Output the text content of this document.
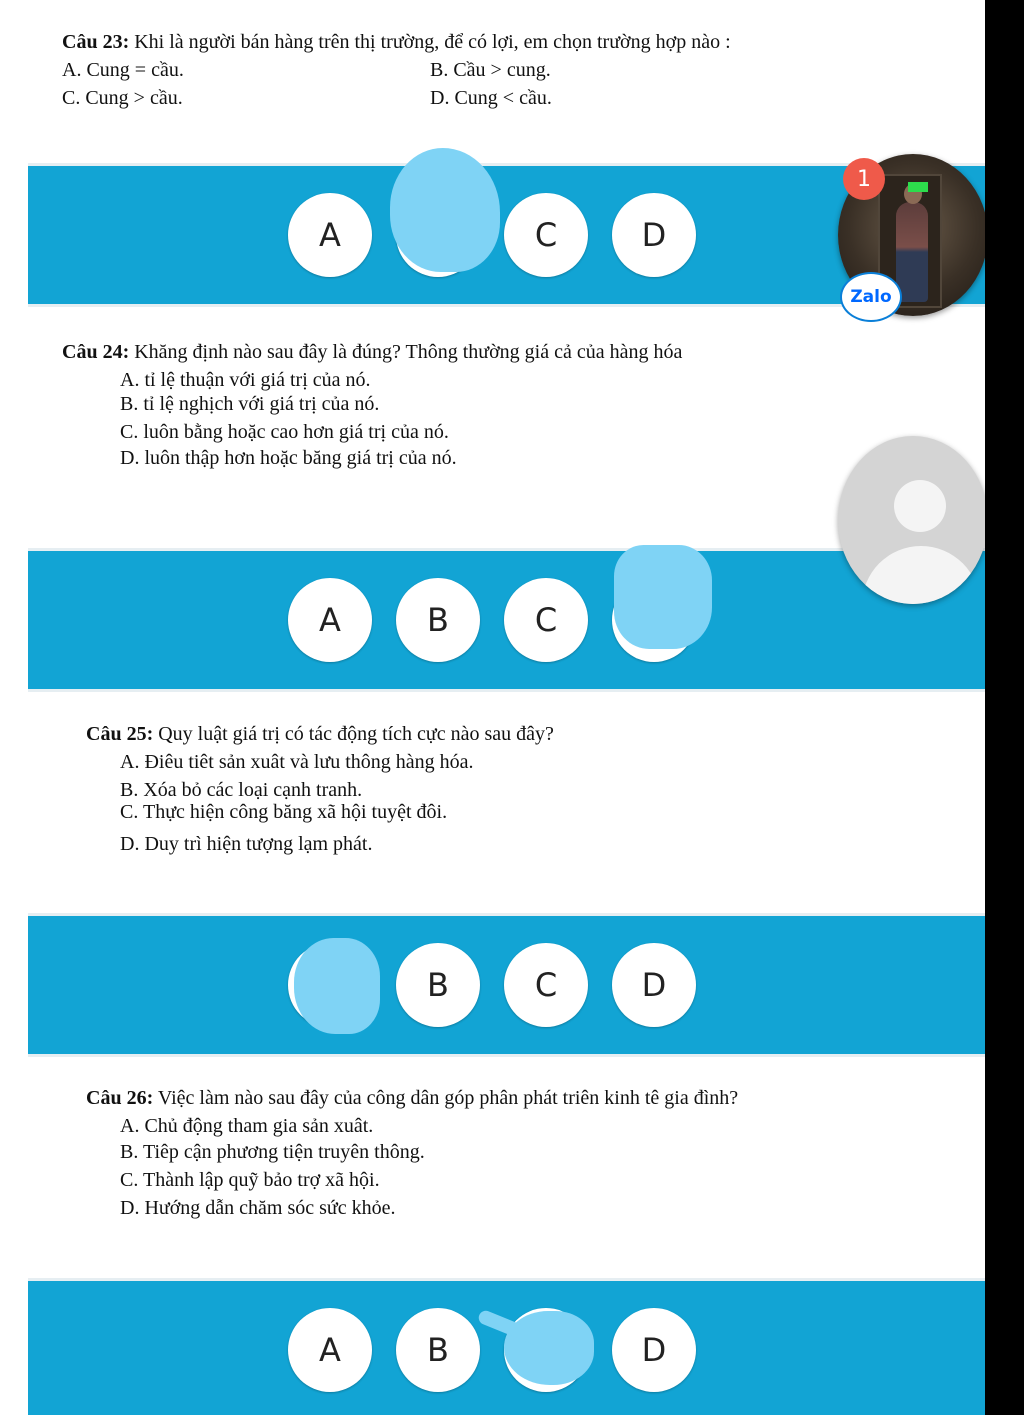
Câu 23: Khi là người bán hàng trên thị trường, để có lợi, em chọn trường hợp nào :
A. Cung = cầu.	B. Cầu > cung.
C. Cung > cầu.	D. Cung < cầu.
A	C	D
Câu 24: Khăng định nào sau đây là đúng? Thông thường giá cả của hàng hóa
A. tỉ lệ thuận với giá trị của nó.
B. tỉ lệ nghịch với giá trị của nó.
C. luôn bằng hoặc cao hơn giá trị của nó.
D. luôn thập hơn hoặc băng giá trị của nó.
A	B	C
Câu 25: Quy luật giá trị có tác động tích cực nào sau đây?
A. Điêu tiêt sản xuât và lưu thông hàng hóa.
B. Xóa bỏ các loại cạnh tranh.
C. Thực hiện công băng xã hội tuyệt đôi.
D. Duy trì hiện tượng lạm phát.
B	C	D
Câu 26: Việc làm nào sau đây của công dân góp phân phát triên kinh tê gia đình?
A. Chủ động tham gia sản xuât.
B. Tiêp cận phương tiện truyên thông.
C. Thành lập quỹ bảo trợ xã hội.
D. Hướng dẫn chăm sóc sức khỏe.
A	B	D
1
Zalo
